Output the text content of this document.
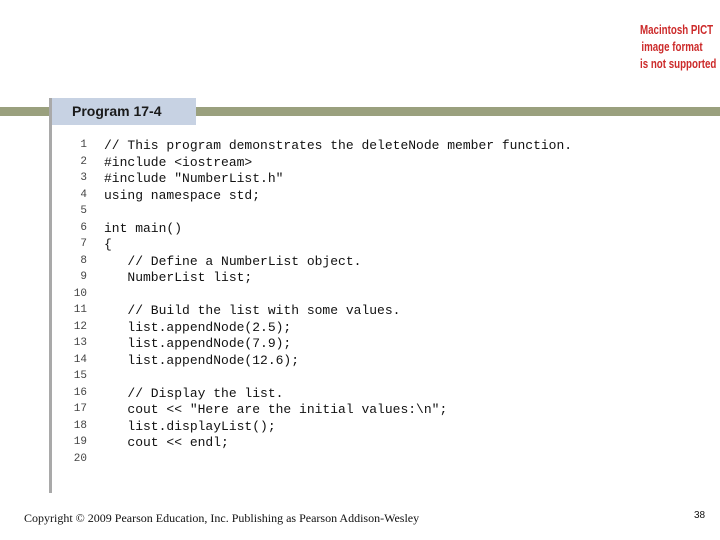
Macintosh PICT
image format
is not supported
Program 17-4
1 // This program demonstrates the deleteNode member function.
2 #include <iostream>
3 #include "NumberList.h"
4 using namespace std;
5
6 int main()
7 {
8 // Define a NumberList object.
9 NumberList list;
10
11 // Build the list with some values.
12 list.appendNode(2.5);
13 list.appendNode(7.9);
14 list.appendNode(12.6);
15
16 // Display the list.
17 cout << "Here are the initial values:\n";
18 list.displayList();
19 cout << endl;
20
Copyright © 2009 Pearson Education, Inc. Publishing as Pearson Addison-Wesley	38
